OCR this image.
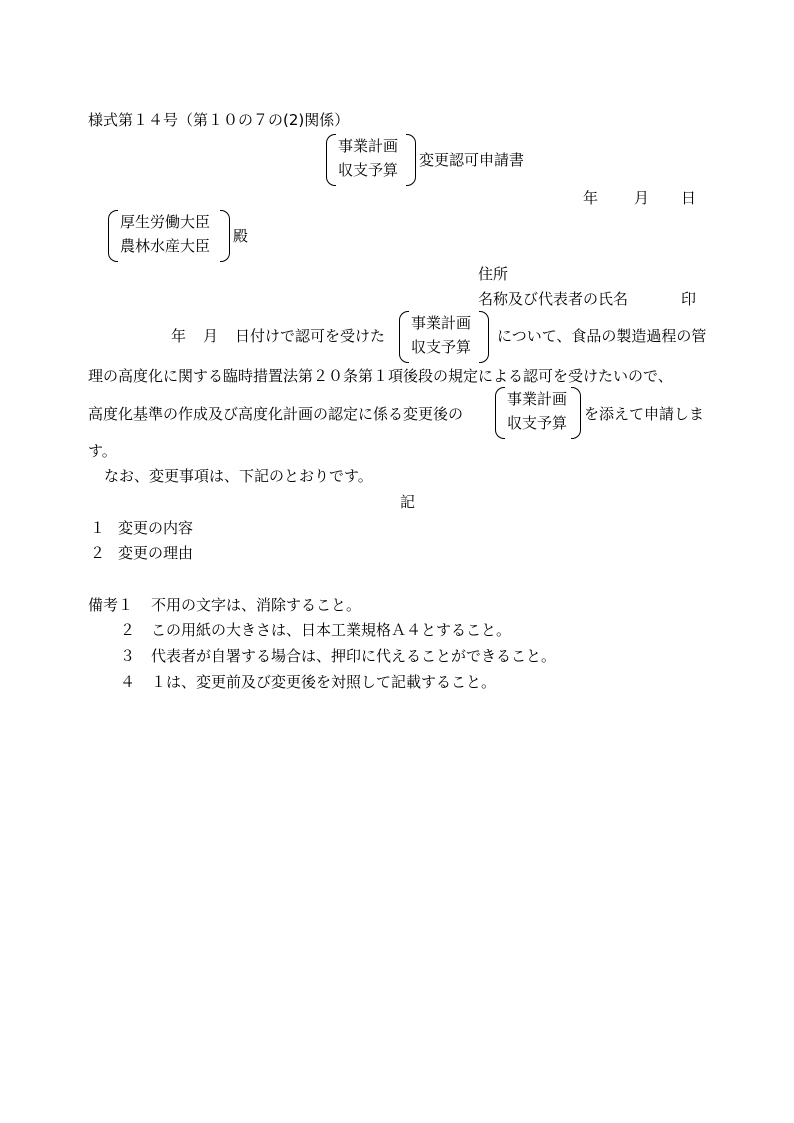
様式第１４号（第１０の７の(2)関係）
事業計画
収支予算
変更認可申請書
年 月 日
厚生労働大臣
農林水産大臣
殿
住所
名称及び代表者の氏名	印
年 月 日付けで認可を受けた
事業計画
収支予算
について、食品の製造過程の管
理の高度化に関する臨時措置法第２０条第１項後段の規定による認可を受けたいので、
高度化基準の作成及び高度化計画の認定に係る変更後の
事業計画
収支予算 を添えて申請しま
す。
なお、変更事項は、下記のとおりです。
記
１ 変更の内容
２ 変更の理由
備考１ 不用の文字は、消除すること。
２ この用紙の大きさは、日本工業規格Ａ４とすること。
３ 代表者が自署する場合は、押印に代えることができること。
４ １は、変更前及び変更後を対照して記載すること。
